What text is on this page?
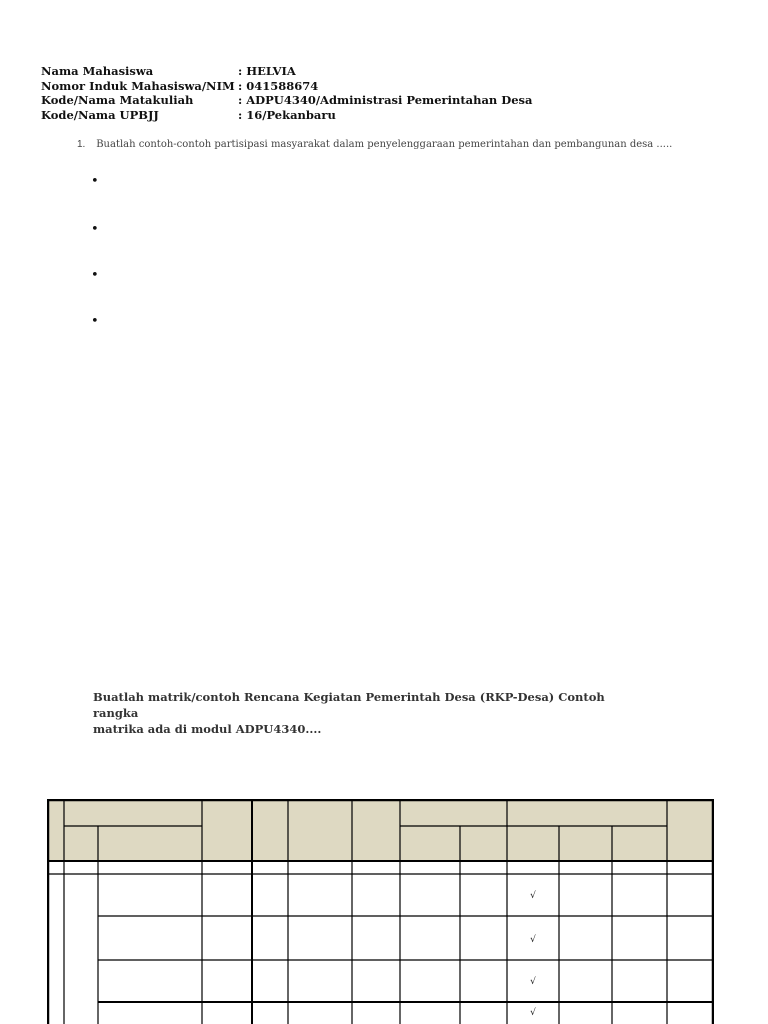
Nama Mahasiswa	: HELVIA
Nomor Induk Mahasiswa/NIM : 041588674
Kode/Nama Matakuliah	: ADPU4340/Administrasi Pemerintahan Desa
Kode/Nama UPBJJ	: 16/Pekanbaru
1. Buatlah contoh-contoh partisipasi masyarakat dalam penyelenggaraan pemerintahan dan pembangunan desa .....
•
•
•
•
Buatlah matrik/contoh Rencana Kegiatan Pemerintah Desa (RKP-Desa) Contoh rangka
matrika ada di modul ADPU4340....
√
√
√
√
